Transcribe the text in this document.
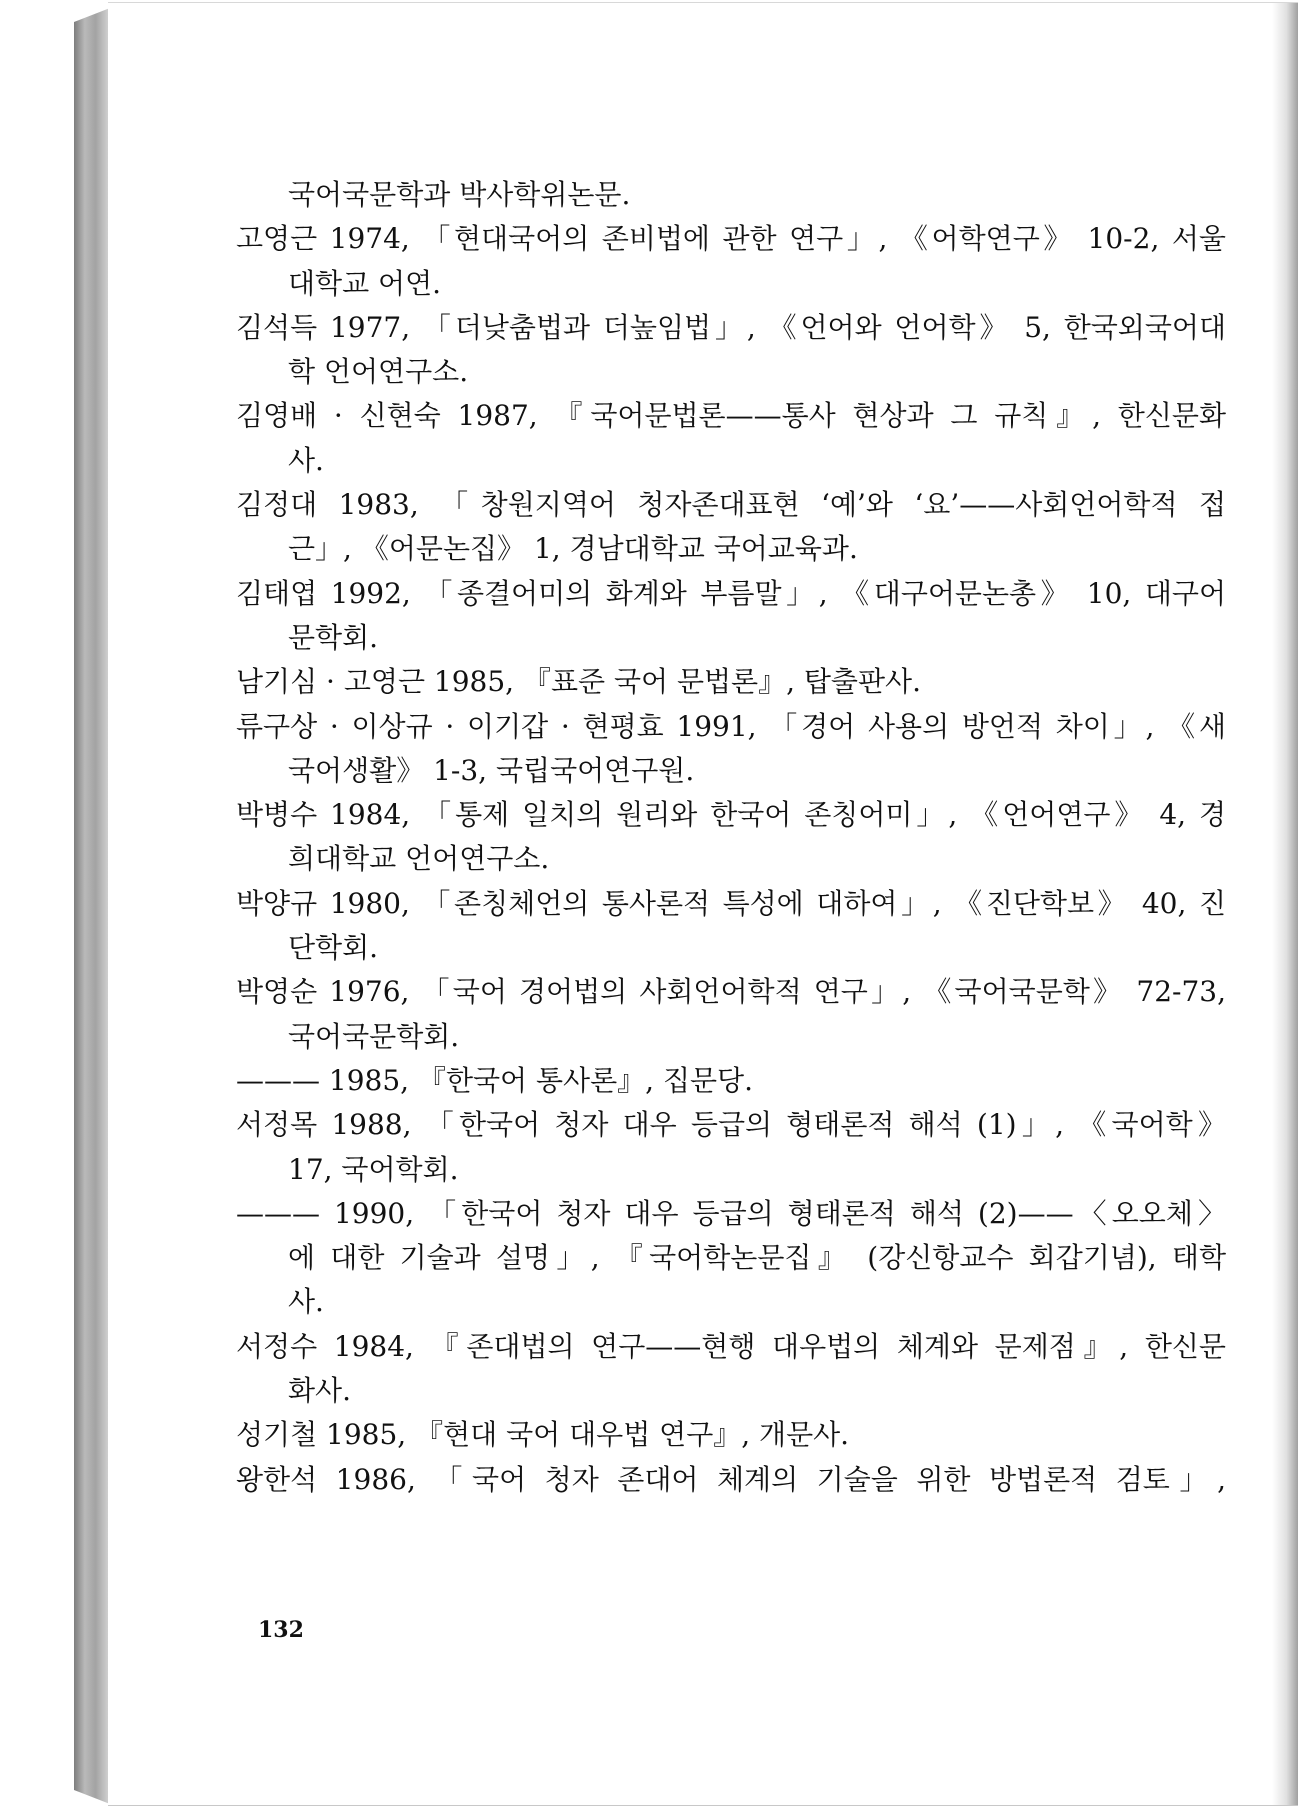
국어국문학과 박사학위논문.
고영근 1974, 「현대국어의 존비법에 관한 연구」, 《어학연구》 10-2, 서울
대학교 어연.
김석득 1977, 「더낮춤법과 더높임법」, 《언어와 언어학》 5, 한국외국어대
학 언어연구소.
김영배 · 신현숙 1987, 『국어문법론——통사 현상과 그 규칙』, 한신문화
사.
김정대 1983, 「창원지역어 청자존대표현 ‘예’와 ‘요’——사회언어학적 접
근」, 《어문논집》 1, 경남대학교 국어교육과.
김태엽 1992, 「종결어미의 화계와 부름말」, 《대구어문논총》 10, 대구어
문학회.
남기심 · 고영근 1985, 『표준 국어 문법론』, 탑출판사.
류구상 · 이상규 · 이기갑 · 현평효 1991, 「경어 사용의 방언적 차이」, 《새
국어생활》 1-3, 국립국어연구원.
박병수 1984, 「통제 일치의 원리와 한국어 존칭어미」, 《언어연구》 4, 경
희대학교 언어연구소.
박양규 1980, 「존칭체언의 통사론적 특성에 대하여」, 《진단학보》 40, 진
단학회.
박영순 1976, 「국어 경어법의 사회언어학적 연구」, 《국어국문학》 72-73,
국어국문학회.
——— 1985, 『한국어 통사론』, 집문당.
서정목 1988, 「한국어 청자 대우 등급의 형태론적 해석 (1)」, 《국어학》
17, 국어학회.
——— 1990, 「한국어 청자 대우 등급의 형태론적 해석 (2)——〈오오체〉
에 대한 기술과 설명」, 『국어학논문집』 (강신항교수 회갑기념), 태학
사.
서정수 1984, 『존대법의 연구——현행 대우법의 체계와 문제점』, 한신문
화사.
성기철 1985, 『현대 국어 대우법 연구』, 개문사.
왕한석 1986, 「국어 청자 존대어 체계의 기술을 위한 방법론적 검토」,
132
